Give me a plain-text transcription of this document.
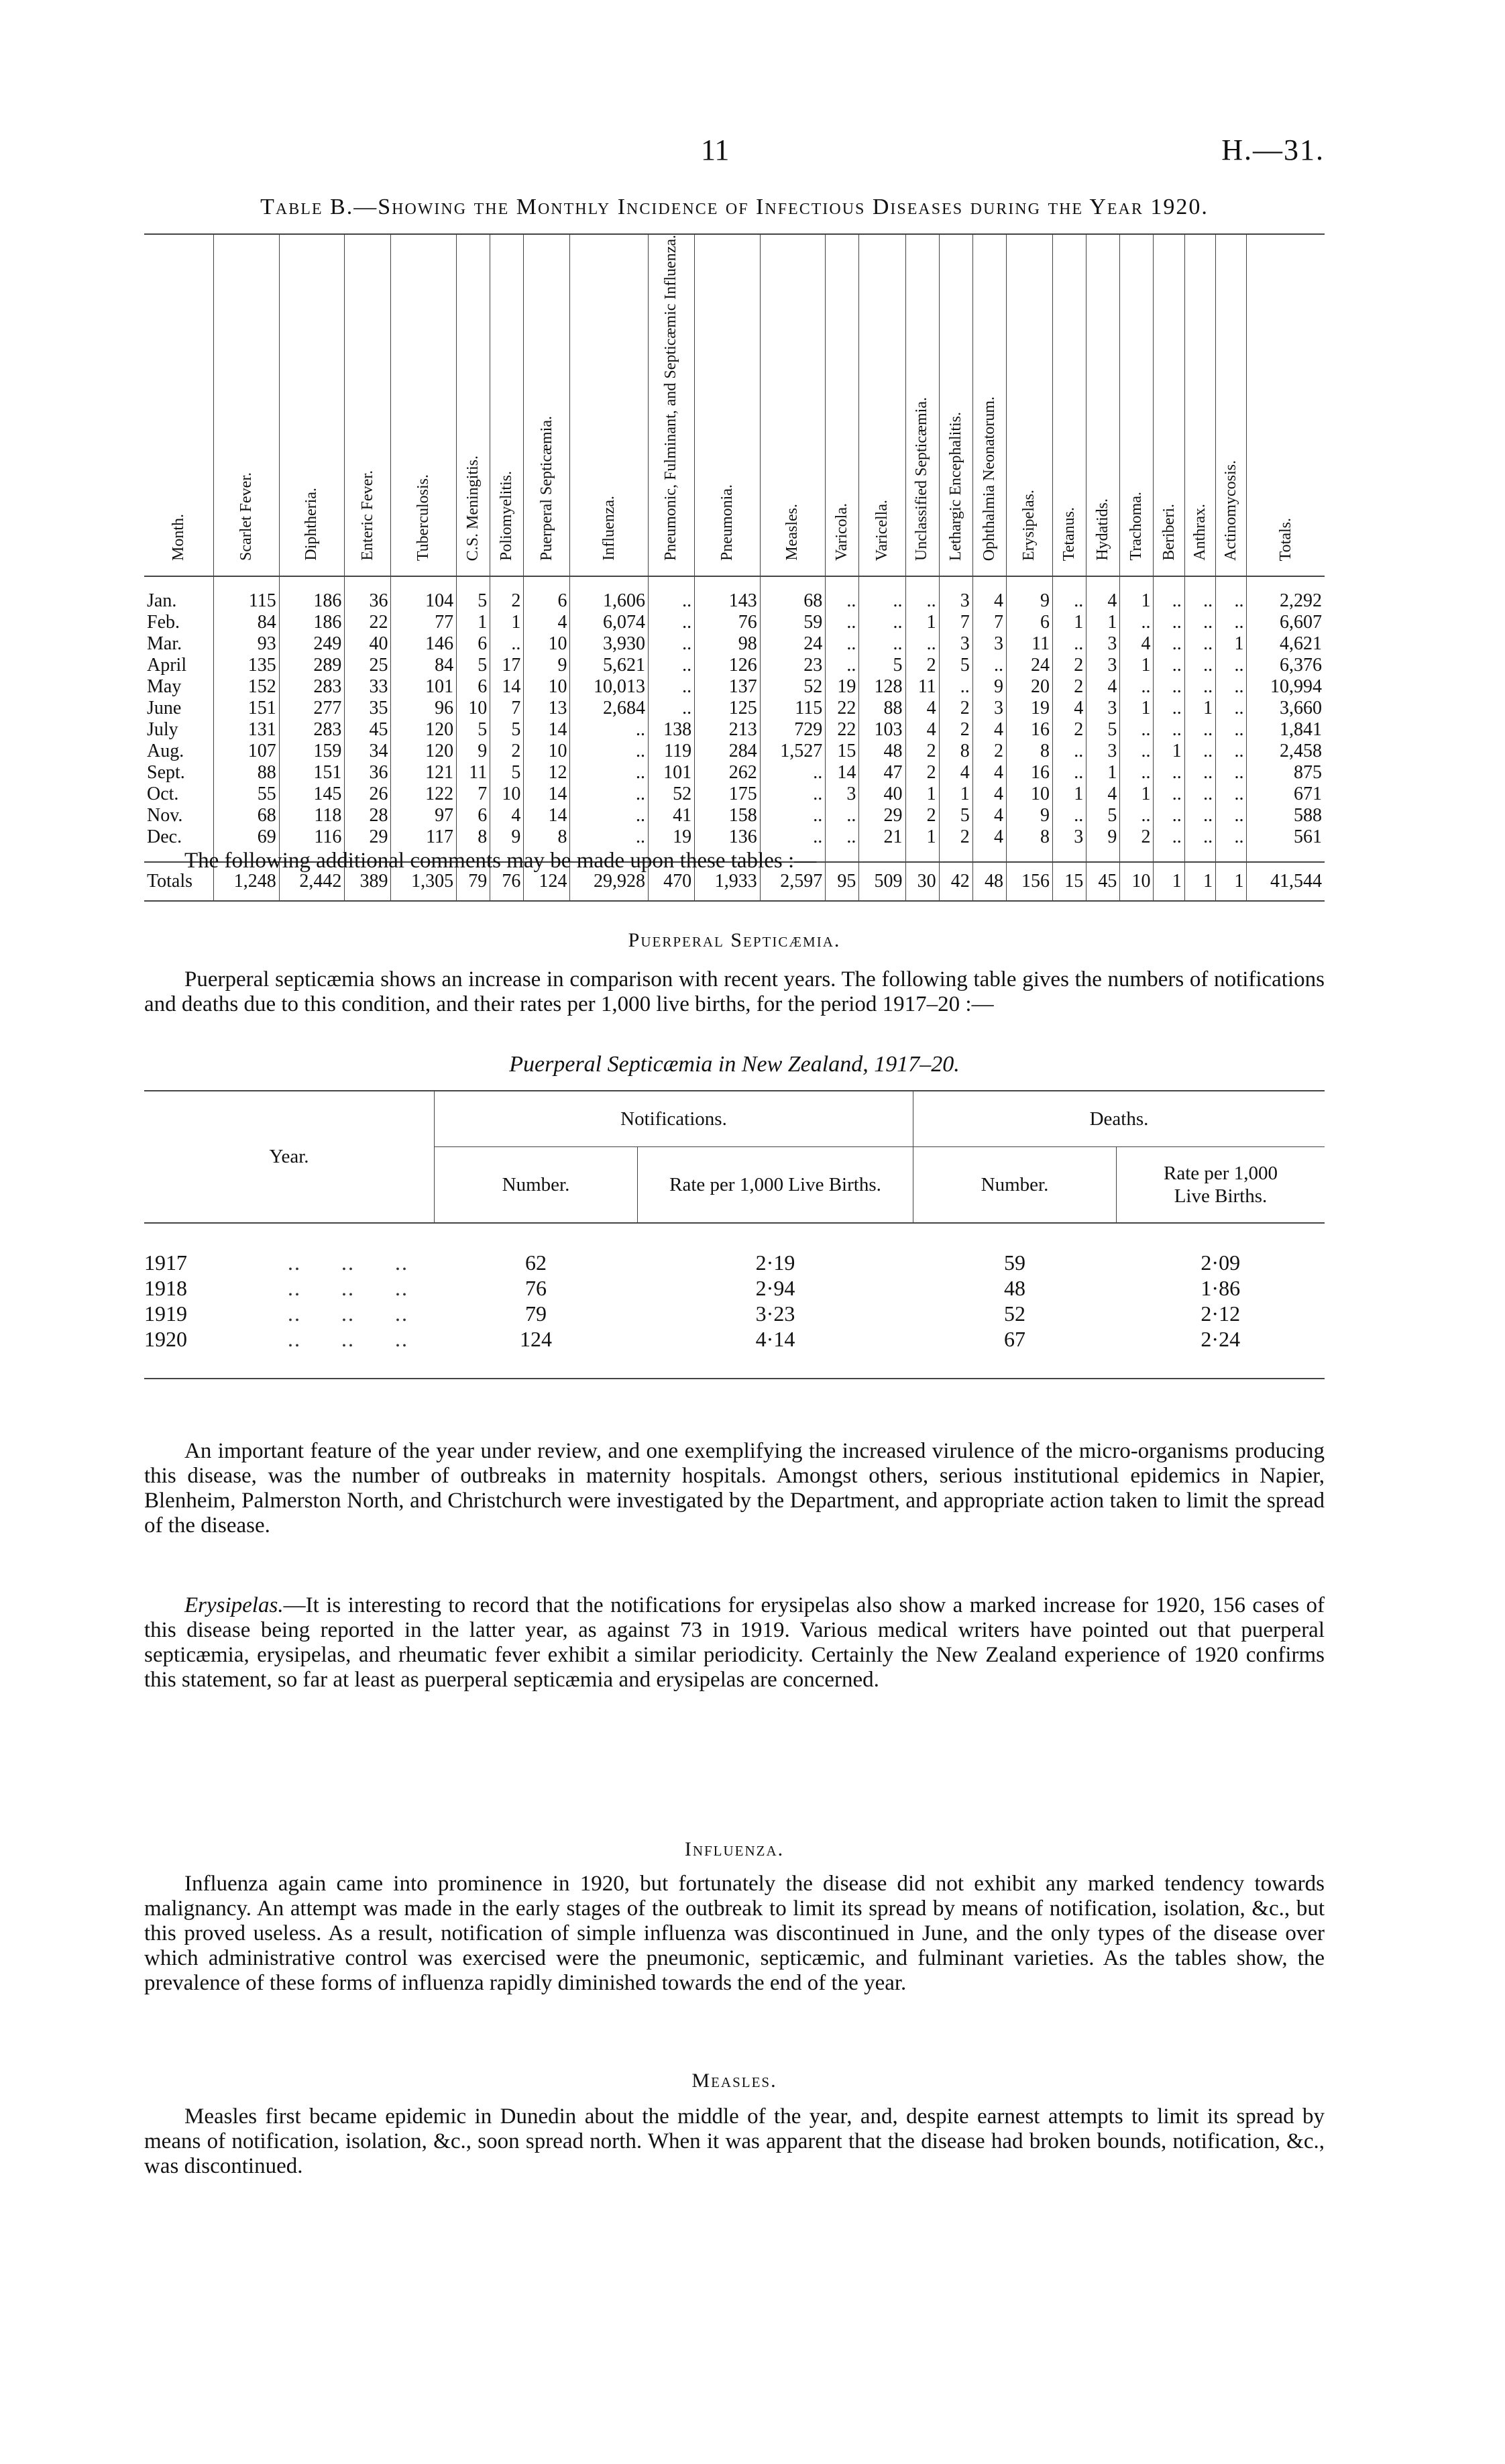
11	H.—31.
Table B.—Showing the Monthly Incidence of Infectious Diseases during the Year 1920.
Month.	Scarlet Fever.	Diphtheria.	Enteric Fever.	Tuberculosis.	C.S. Meningitis.	Poliomyelitis.	Puerperal Septicæmia.	Influenza.	Pneumonic, Fulminant, and Septicæmic Influenza.	Pneumonia.	Measles.	Varicola.	Varicella.	Unclassified Septicæmia.	Lethargic Encephalitis.	Ophthalmia Neonatorum.	Erysipelas.	Tetanus.	Hydatids.	Trachoma.	Beriberi.	Anthrax.	Actinomycosis.	Totals.
Jan.	115	186	36	104	5	2	6	1,606	..	143	68	..	..	..	3	4	9	..	4	1	..	..	..	2,292
Feb.	84	186	22	77	1	1	4	6,074	..	76	59	..	..	1	7	7	6	1	1	..	..	..	..	6,607
Mar.	93	249	40	146	6	..	10	3,930	..	98	24	..	..	..	3	3	11	..	3	4	..	..	1	4,621
April	135	289	25	84	5	17	9	5,621	..	126	23	..	5	2	5	..	24	2	3	1	..	..	..	6,376
May	152	283	33	101	6	14	10	10,013	..	137	52	19	128	11	..	9	20	2	4	..	..	..	..	10,994
June	151	277	35	96	10	7	13	2,684	..	125	115	22	88	4	2	3	19	4	3	1	..	1	..	3,660
July	131	283	45	120	5	5	14	..	138	213	729	22	103	4	2	4	16	2	5	..	..	..	..	1,841
Aug.	107	159	34	120	9	2	10	..	119	284	1,527	15	48	2	8	2	8	..	3	..	1	..	..	2,458
Sept.	88	151	36	121	11	5	12	..	101	262	..	14	47	2	4	4	16	..	1	..	..	..	..	875
Oct.	55	145	26	122	7	10	14	..	52	175	..	3	40	1	1	4	10	1	4	1	..	..	..	671
Nov.	68	118	28	97	6	4	14	..	41	158	..	..	29	2	5	4	9	..	5	..	..	..	..	588
Dec.	69	116	29	117	8	9	8	..	19	136	..	..	21	1	2	4	8	3	9	2	..	..	..	561
Totals	1,248	2,442	389	1,305	79	76	124	29,928	470	1,933	2,597	95	509	30	42	48	156	15	45	10	1	1	1	41,544
The following additional comments may be made upon these tables :—
Puerperal Septicæmia.
Puerperal septicæmia shows an increase in comparison with recent years. The following table gives the numbers of notifications and deaths due to this condition, and their rates per 1,000 live births, for the period 1917–20 :—
Puerperal Septicæmia in New Zealand, 1917–20.
Year.	Notifications.		Deaths.	
	Number.	Rate per 1,000 Live Births.	Number.	Rate per 1,000 Live Births.
1917 ..      ..      ..	62	2·19	59	2·09
1918 ..      ..      ..	76	2·94	48	1·86
1919 ..      ..      ..	79	3·23	52	2·12
1920 ..      ..      ..	124	4·14	67	2·24
An important feature of the year under review, and one exemplifying the increased virulence of the micro-organisms producing this disease, was the number of outbreaks in maternity hospitals. Amongst others, serious institutional epidemics in Napier, Blenheim, Palmerston North, and Christchurch were investigated by the Department, and appropriate action taken to limit the spread of the disease.
Erysipelas.—It is interesting to record that the notifications for erysipelas also show a marked increase for 1920, 156 cases of this disease being reported in the latter year, as against 73 in 1919. Various medical writers have pointed out that puerperal septicæmia, erysipelas, and rheumatic fever exhibit a similar periodicity. Certainly the New Zealand experience of 1920 confirms this statement, so far at least as puerperal septicæmia and erysipelas are concerned.
Influenza.
Influenza again came into prominence in 1920, but fortunately the disease did not exhibit any marked tendency towards malignancy. An attempt was made in the early stages of the outbreak to limit its spread by means of notification, isolation, &c., but this proved useless. As a result, notification of simple influenza was discontinued in June, and the only types of the disease over which administrative control was exercised were the pneumonic, septicæmic, and fulminant varieties. As the tables show, the prevalence of these forms of influenza rapidly diminished towards the end of the year.
Measles.
Measles first became epidemic in Dunedin about the middle of the year, and, despite earnest attempts to limit its spread by means of notification, isolation, &c., soon spread north. When it was apparent that the disease had broken bounds, notification, &c., was discontinued.
